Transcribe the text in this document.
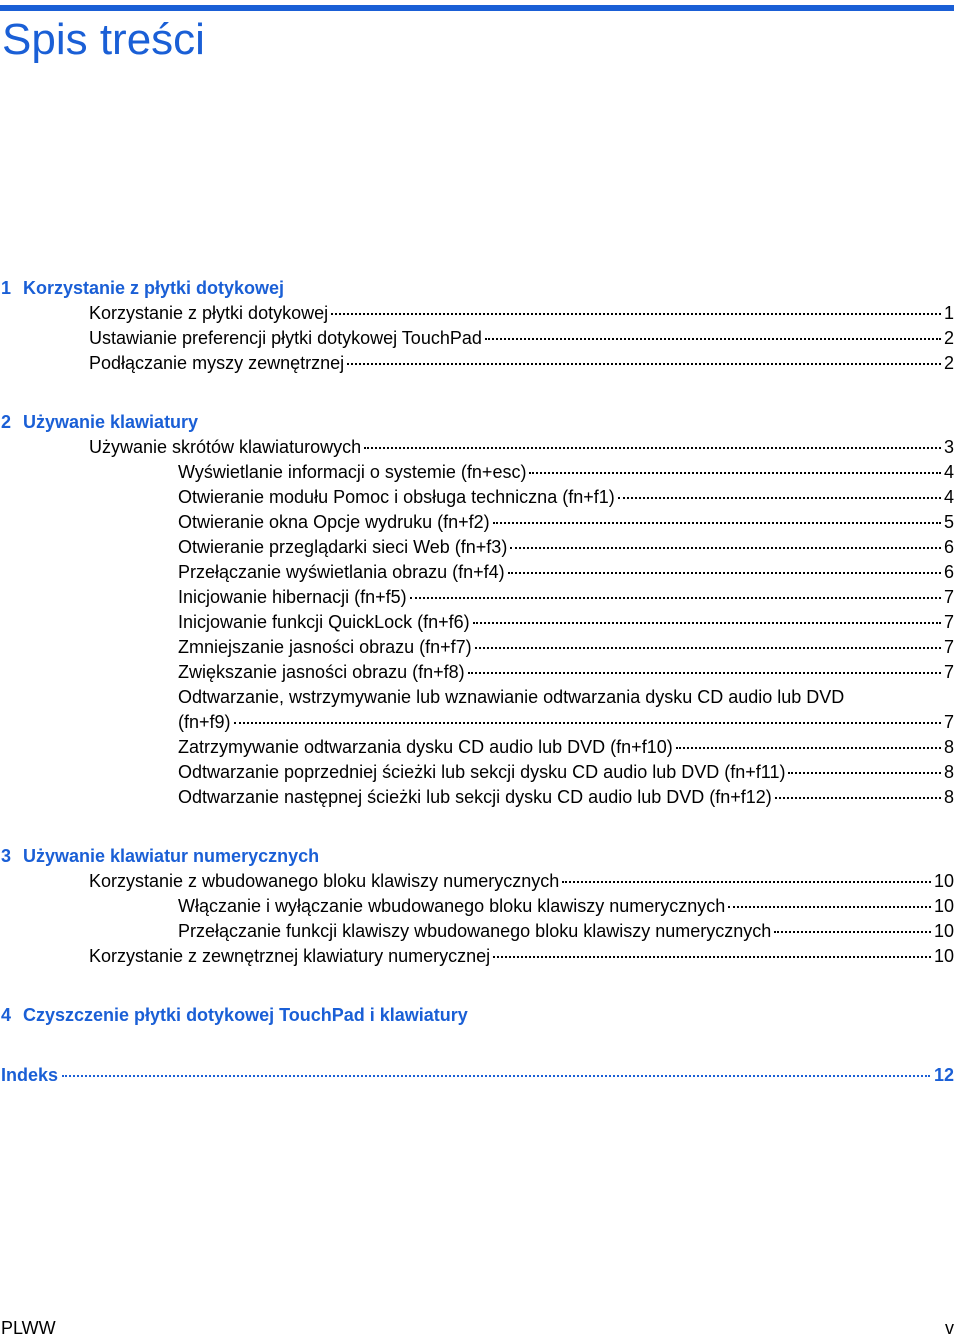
Spis treści
1 Korzystanie z płytki dotykowej
Korzystanie z płytki dotykowej	1
Ustawianie preferencji płytki dotykowej TouchPad	2
Podłączanie myszy zewnętrznej	2
2 Używanie klawiatury
Używanie skrótów klawiaturowych	3
Wyświetlanie informacji o systemie (fn+esc)	4
Otwieranie modułu Pomoc i obsługa techniczna (fn+f1)	4
Otwieranie okna Opcje wydruku (fn+f2)	5
Otwieranie przeglądarki sieci Web (fn+f3)	6
Przełączanie wyświetlania obrazu (fn+f4)	6
Inicjowanie hibernacji (fn+f5)	7
Inicjowanie funkcji QuickLock (fn+f6)	7
Zmniejszanie jasności obrazu (fn+f7)	7
Zwiększanie jasności obrazu (fn+f8)	7
Odtwarzanie, wstrzymywanie lub wznawianie odtwarzania dysku CD audio lub DVD
(fn+f9)	7
Zatrzymywanie odtwarzania dysku CD audio lub DVD (fn+f10)	8
Odtwarzanie poprzedniej ścieżki lub sekcji dysku CD audio lub DVD (fn+f11)	8
Odtwarzanie następnej ścieżki lub sekcji dysku CD audio lub DVD (fn+f12)	8
3 Używanie klawiatur numerycznych
Korzystanie z wbudowanego bloku klawiszy numerycznych	10
Włączanie i wyłączanie wbudowanego bloku klawiszy numerycznych	10
Przełączanie funkcji klawiszy wbudowanego bloku klawiszy numerycznych	10
Korzystanie z zewnętrznej klawiatury numerycznej	10
4 Czyszczenie płytki dotykowej TouchPad i klawiatury
Indeks	12
PLWW	v
